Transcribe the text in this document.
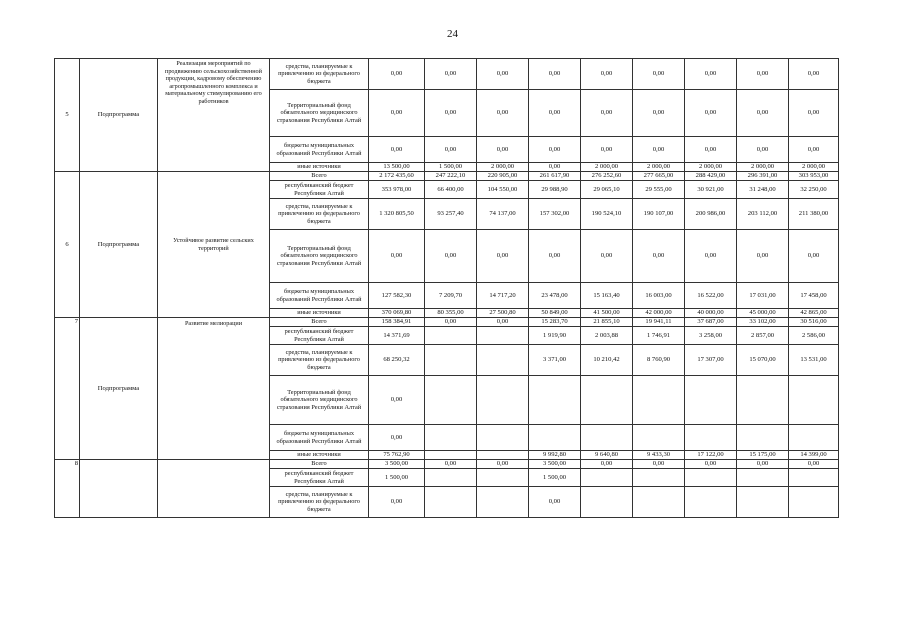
24
5	Подпрограмма	Реализация мероприятий по продвижению сельскохозяйственной продукции, кадровому обеспечению агропромышленного комплекса и материальному стимулированию его работников	средства, планируемые к привлечению из федерального бюджета	0,00	0,00	0,00	0,00	0,00	0,00	0,00	0,00	0,00
			Территориальный фонд обязательного медицинского страхования Республики Алтай	0,00	0,00	0,00	0,00	0,00	0,00	0,00	0,00	0,00
			бюджеты муниципальных образований Республики Алтай	0,00	0,00	0,00	0,00	0,00	0,00	0,00	0,00	0,00
			иные источники	13 500,00	1 500,00	2 000,00	0,00	2 000,00	2 000,00	2 000,00	2 000,00	2 000,00
6	Подпрограмма	Устойчивое развитие сельских территорий	Всего	2 172 435,60	247 222,10	220 905,00	261 617,90	276 252,60	277 665,00	288 429,00	296 391,00	303 953,00
			республиканский бюджет Республики Алтай	353 978,00	66 400,00	104 550,00	29 988,90	29 065,10	29 555,00	30 921,00	31 248,00	32 250,00
			средства, планируемые к привлечению из федерального бюджета	1 320 805,50	93 257,40	74 137,00	157 302,00	190 524,10	190 107,00	200 986,00	203 112,00	211 380,00
			Территориальный фонд обязательного медицинского страхования Республики Алтай	0,00	0,00	0,00	0,00	0,00	0,00	0,00	0,00	0,00
			бюджеты муниципальных образований Республики Алтай	127 582,30	7 209,70	14 717,20	23 478,00	15 163,40	16 003,00	16 522,00	17 031,00	17 458,00
			иные источники	370 069,80	80 355,00	27 500,80	50 849,00	41 500,00	42 000,00	40 000,00	45 000,00	42 865,00
7	Подпрограмма	Развитие мелиорации	Всего	158 384,91	0,00	0,00	15 283,70	21 855,10	19 941,11	37 687,00	33 102,00	30 516,00
			республиканский бюджет Республики Алтай	14 371,69			1 919,90	2 003,88	1 746,91	3 258,00	2 857,00	2 586,00
			средства, планируемые к привлечению из федерального бюджета	68 250,32			3 371,00	10 210,42	8 760,90	17 307,00	15 070,00	13 531,00
			Территориальный фонд обязательного медицинского страхования Республики Алтай	0,00								
			бюджеты муниципальных образований Республики Алтай	0,00								
			иные источники	75 762,90			9 992,80	9 640,80	9 433,30	17 122,00	15 175,00	14 399,00
8			Всего	3 500,00	0,00	0,00	3 500,00	0,00	0,00	0,00	0,00	0,00
			республиканский бюджет Республики Алтай	1 500,00			1 500,00					
			средства, планируемые к привлечению из федерального бюджета	0,00			0,00					
